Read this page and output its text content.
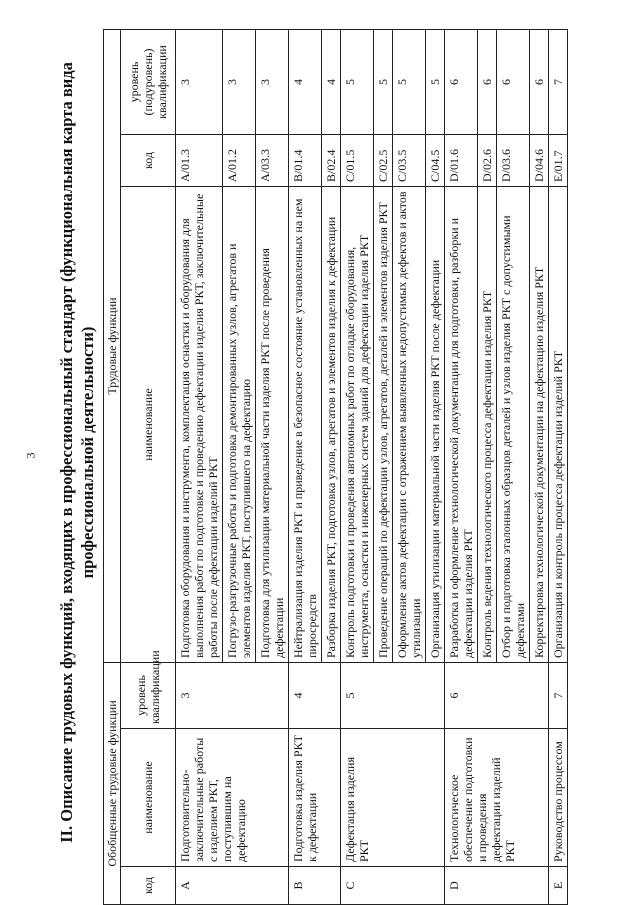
3 II. Описание трудовых функций, входящих в профессиональный стандарт (функциональная карта вида профессиональной деятельности)
Обобщенные трудовые функции			Трудовые функции		
код	наименование	уровень квалификации	наименование	код	уровень (подуровень) квалификации
A	Подготовительно-заключительные работы с изделием РКТ, поступившим на дефектацию	3	Подготовка оборудования и инструмента, комплектация оснастки и оборудования для выполнения работ по подготовке и проведению дефектации изделия РКТ, заключительные работы после дефектации изделий РКТ	A/01.3	3
			Погрузо-разгрузочные работы и подготовка демонтированных узлов, агрегатов и элементов изделия РКТ, поступившего на дефектацию	A/01.2	3
			Подготовка для утилизации материальной части изделия РКТ после проведения дефектации	A/03.3	3
B	Подготовка изделия РКТ к дефектации	4	Нейтрализация изделия РКТ и приведение в безопасное состояние установленных на нем пиросредств	B/01.4	4
			Разборка изделия РКТ, подготовка узлов, агрегатов и элементов изделия к дефектации	B/02.4	4
C	Дефектация изделия РКТ	5	Контроль подготовки и проведения автономных работ по отладке оборудования, инструмента, оснастки и инженерных систем зданий для дефектации изделия РКТ	C/01.5	5
			Проведение операций по дефектации узлов, агрегатов, деталей и элементов изделия РКТ	C/02.5	5
			Оформление актов дефектации с отражением выявленных недопустимых дефектов и актов утилизации	C/03.5	5
			Организация утилизации материальной части изделия РКТ после дефектации	C/04.5	5
D	Технологическое обеспечение подготовки и проведения дефектации изделий РКТ	6	Разработка и оформление технологической документации для подготовки, разборки и дефектации изделия РКТ	D/01.6	6
			Контроль ведения технологического процесса дефектации изделия РКТ	D/02.6	6
			Отбор и подготовка эталонных образцов деталей и узлов изделия РКТ с допустимыми дефектами	D/03.6	6
			Корректировка технологической документации на дефектацию изделия РКТ	D/04.6	6
E	Руководство процессом	7	Организация и контроль процесса дефектации изделий РКТ	E/01.7	7
